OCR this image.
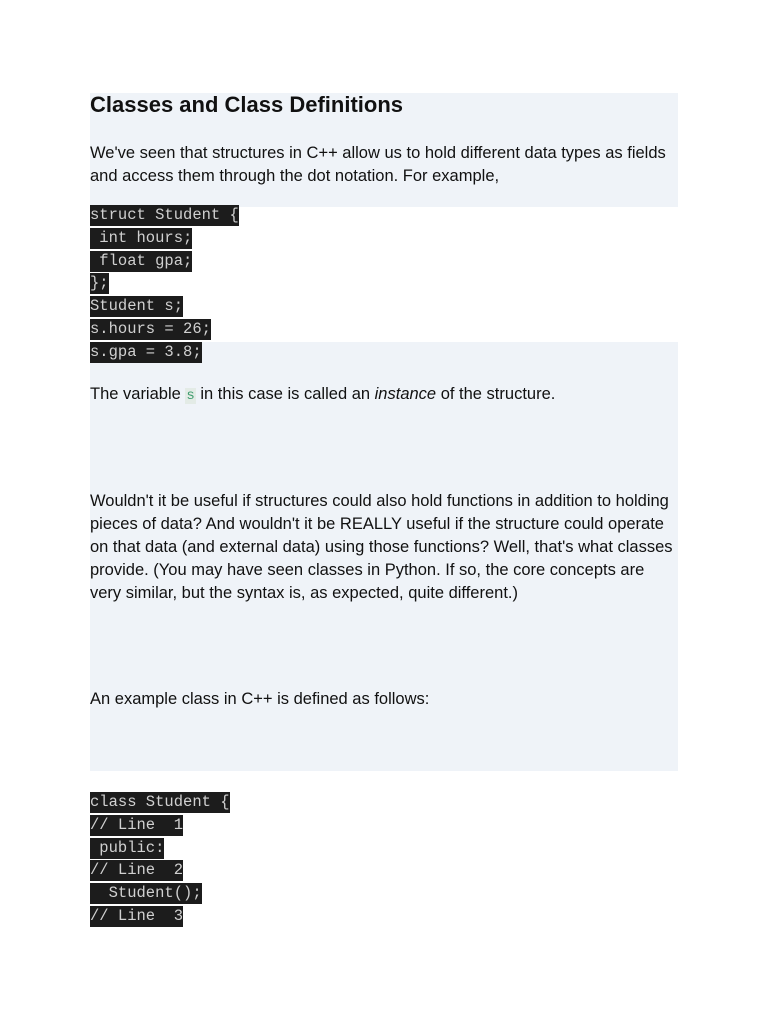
Classes and Class Definitions

We've seen that structures in C++ allow us to hold different data types as fields and access them through the dot notation. For example,

struct Student {
int hours;
float gpa;
};
Student s;
s.hours = 26;
s.gpa = 3.8;

The variable s in this case is called an instance of the structure.

Wouldn't it be useful if structures could also hold functions in addition to holding pieces of data? And wouldn't it be REALLY useful if the structure could operate on that data (and external data) using those functions? Well, that's what classes provide. (You may have seen classes in Python. If so, the core concepts are very similar, but the syntax is, as expected, quite different.)

An example class in C++ is defined as follows:

class Student {
// Line  1
public:
// Line  2
Student();
// Line  3
